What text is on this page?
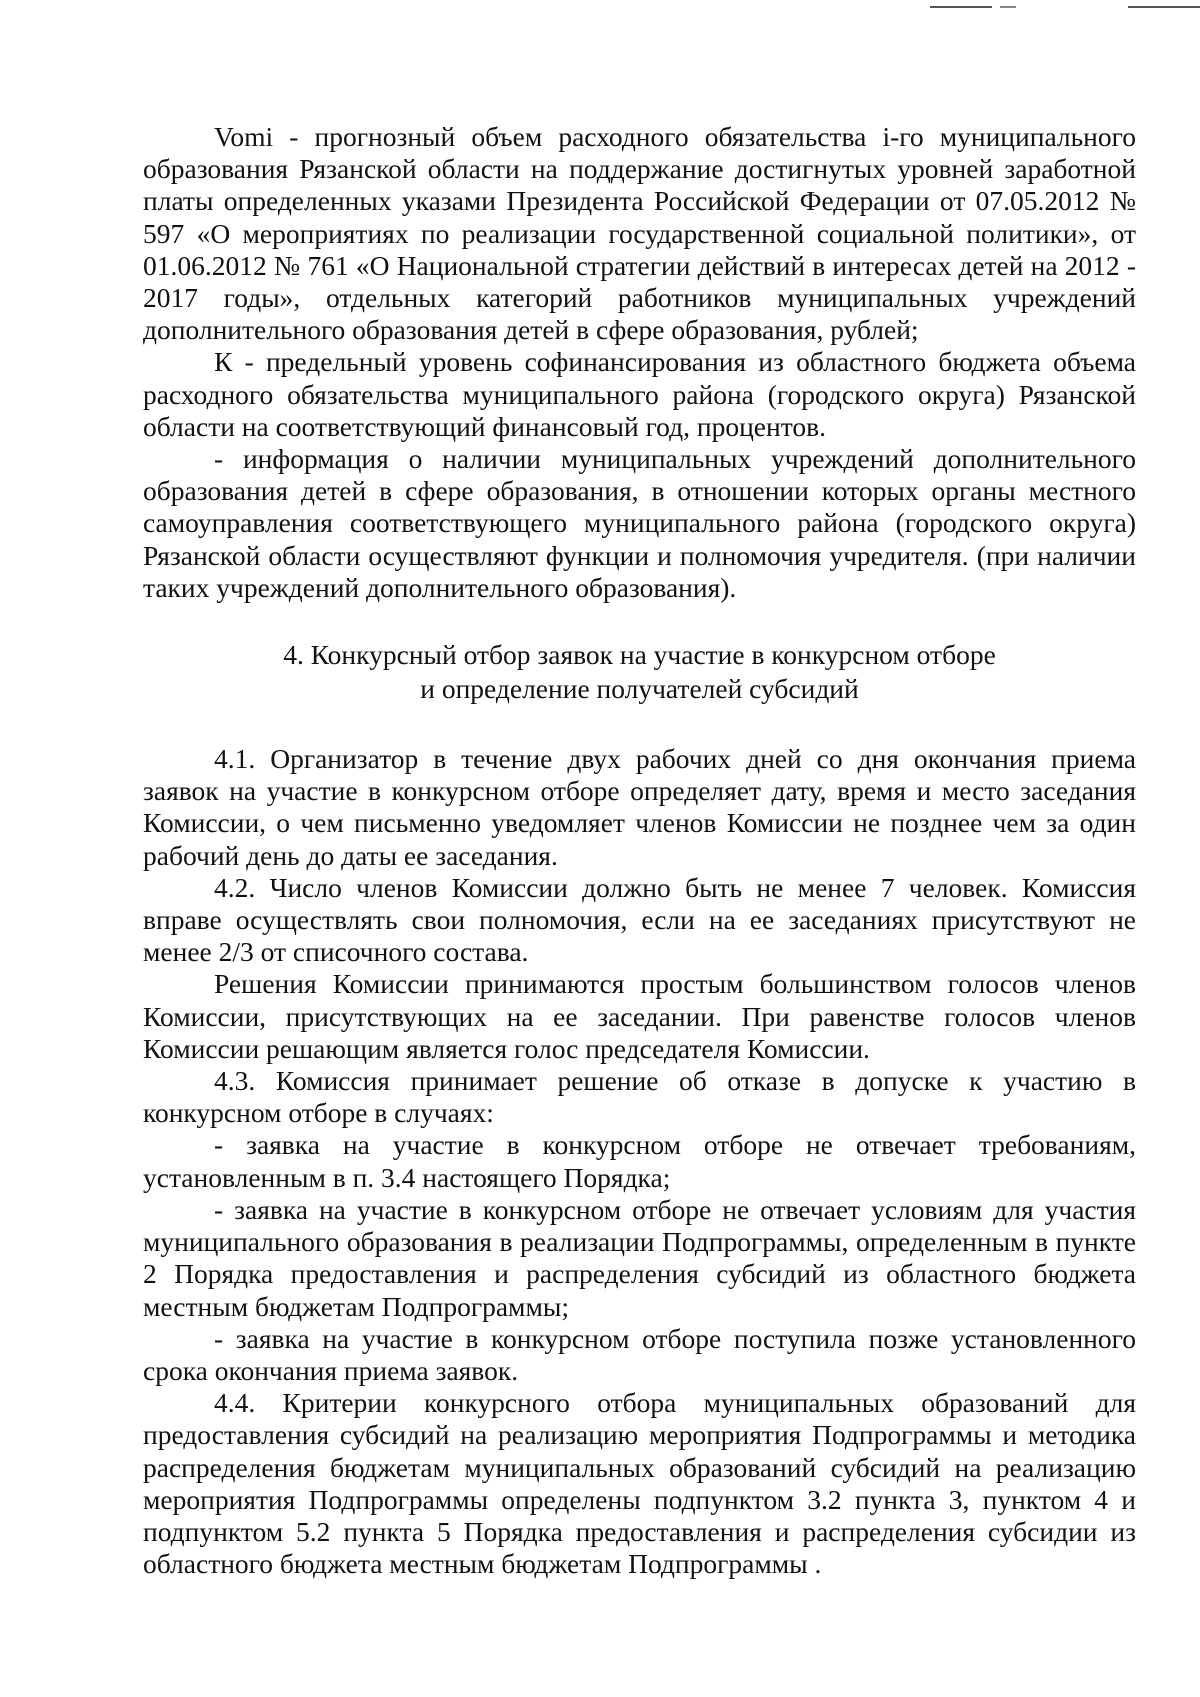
Vomi - прогнозный объем расходного обязательства i-го муниципального образования Рязанской области на поддержание достигнутых уровней заработной платы определенных указами Президента Российской Федерации от 07.05.2012 № 597 «О мероприятиях по реализации государственной социальной политики», от 01.06.2012 № 761 «О Национальной стратегии действий в интересах детей на 2012 - 2017 годы», отдельных категорий работников муниципальных учреждений дополнительного образования детей в сфере образования, рублей;

К - предельный уровень софинансирования из областного бюджета объема расходного обязательства муниципального района (городского округа) Рязанской области на соответствующий финансовый год, процентов.

- информация о наличии муниципальных учреждений дополнительного образования детей в сфере образования, в отношении которых органы местного самоуправления соответствующего муниципального района (городского округа) Рязанской области осуществляют функции и полномочия учредителя. (при наличии таких учреждений дополнительного образования).

4. Конкурсный отбор заявок на участие в конкурсном отборе
и определение получателей субсидий

4.1. Организатор в течение двух рабочих дней со дня окончания приема заявок на участие в конкурсном отборе определяет дату, время и место заседания Комиссии, о чем письменно уведомляет членов Комиссии не позднее чем за один рабочий день до даты ее заседания.

4.2. Число членов Комиссии должно быть не менее 7 человек. Комиссия вправе осуществлять свои полномочия, если на ее заседаниях присутствуют не менее 2/3 от списочного состава.

Решения Комиссии принимаются простым большинством голосов членов Комиссии, присутствующих на ее заседании. При равенстве голосов членов Комиссии решающим является голос председателя Комиссии.

4.3. Комиссия принимает решение об отказе в допуске к участию в конкурсном отборе в случаях:

- заявка на участие в конкурсном отборе не отвечает требованиям, установленным в п. 3.4 настоящего Порядка;

- заявка на участие в конкурсном отборе не отвечает условиям для участия муниципального образования в реализации Подпрограммы, определенным в пункте 2 Порядка предоставления и распределения субсидий из областного бюджета местным бюджетам Подпрограммы;

- заявка на участие в конкурсном отборе поступила позже установленного срока окончания приема заявок.

4.4. Критерии конкурсного отбора муниципальных образований для предоставления субсидий на реализацию мероприятия Подпрограммы и методика распределения бюджетам муниципальных образований субсидий на реализацию мероприятия Подпрограммы определены подпунктом 3.2 пункта 3, пунктом 4 и подпунктом 5.2 пункта 5 Порядка предоставления и распределения субсидии из областного бюджета местным бюджетам Подпрограммы .
